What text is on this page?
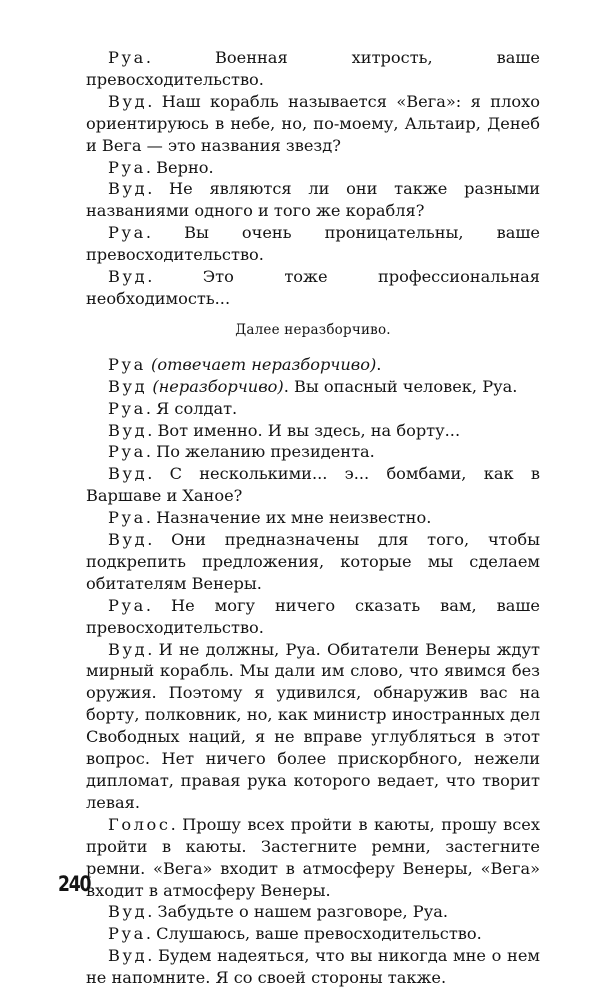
Руа. Военная хитрость, ваше превосходительство.

Вуд. Наш корабль называется «Вега»: я плохо ориентируюсь в небе, но, по-моему, Альтаир, Денеб и Вега — это названия звезд?

Руа. Верно.

Вуд. Не являются ли они также разными названиями одного и того же корабля?

Руа. Вы очень проницательны, ваше превосходительство.

Вуд. Это тоже профессиональная необходимость...

Далее неразборчиво.

Руа (отвечает неразборчиво).

Вуд (неразборчиво). Вы опасный человек, Руа.

Руа. Я солдат.

Вуд. Вот именно. И вы здесь, на борту...

Руа. По желанию президента.

Вуд. С несколькими... э... бомбами, как в Варшаве и Ханое?

Руа. Назначение их мне неизвестно.

Вуд. Они предназначены для того, чтобы подкрепить предложения, которые мы сделаем обитателям Венеры.

Руа. Не могу ничего сказать вам, ваше превосходительство.

Вуд. И не должны, Руа. Обитатели Венеры ждут мирный корабль. Мы дали им слово, что явимся без оружия. Поэтому я удивился, обнаружив вас на борту, полковник, но, как министр иностранных дел Свободных наций, я не вправе углубляться в этот вопрос. Нет ничего более прискорбного, нежели дипломат, правая рука которого ведает, что творит левая.

Голос. Прошу всех пройти в каюты, прошу всех пройти в каюты. Застегните ремни, застегните ремни. «Вега» входит в атмосферу Венеры, «Вега» входит в атмосферу Венеры.

Вуд. Забудьте о нашем разговоре, Руа.

Руа. Слушаюсь, ваше превосходительство.

Вуд. Будем надеяться, что вы никогда мне о нем не напомните. Я со своей стороны также.

240
